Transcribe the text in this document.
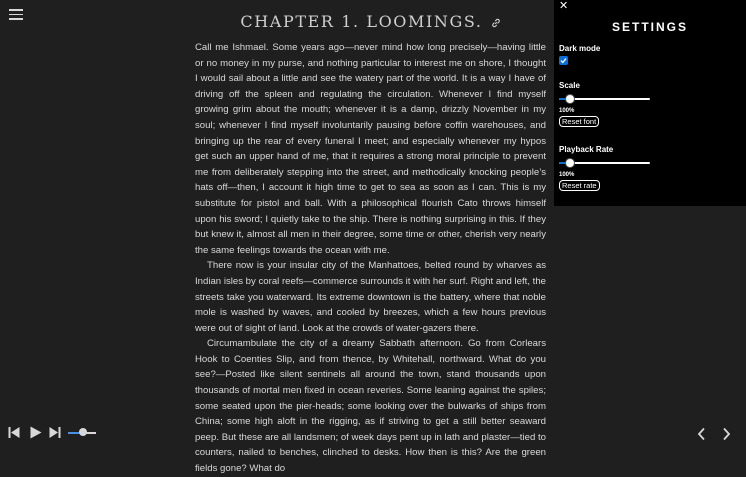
CHAPTER 1. LOOMINGS.

Call me Ishmael. Some years ago—never mind how long precisely—having little or no money in my purse, and nothing particular to interest me on shore, I thought I would sail about a little and see the watery part of the world. It is a way I have of driving off the spleen and regulating the circulation. Whenever I find myself growing grim about the mouth; whenever it is a damp, drizzly November in my soul; whenever I find myself involuntarily pausing before coffin warehouses, and bringing up the rear of every funeral I meet; and especially whenever my hypos get such an upper hand of me, that it requires a strong moral principle to prevent me from deliberately stepping into the street, and methodically knocking people’s hats off—then, I account it high time to get to sea as soon as I can. This is my substitute for pistol and ball. With a philosophical flourish Cato throws himself upon his sword; I quietly take to the ship. There is nothing surprising in this. If they but knew it, almost all men in their degree, some time or other, cherish very nearly the same feelings towards the ocean with me.

There now is your insular city of the Manhattoes, belted round by wharves as Indian isles by coral reefs—commerce surrounds it with her surf. Right and left, the streets take you waterward. Its extreme downtown is the battery, where that noble mole is washed by waves, and cooled by breezes, which a few hours previous were out of sight of land. Look at the crowds of water-gazers there.

Circumambulate the city of a dreamy Sabbath afternoon. Go from Corlears Hook to Coenties Slip, and from thence, by Whitehall, northward. What do you see?—Posted like silent sentinels all around the town, stand thousands upon thousands of mortal men fixed in ocean reveries. Some leaning against the spiles; some seated upon the pier-heads; some looking over the bulwarks of ships from China; some high aloft in the rigging, as if striving to get a still better seaward peep. But these are all landsmen; of week days pent up in lath and plaster—tied to counters, nailed to benches, clinched to desks. How then is this? Are the green fields gone? What do

✕
SETTINGS
Dark mode
Scale
100%
Reset font
Playback Rate
100%
Reset rate
